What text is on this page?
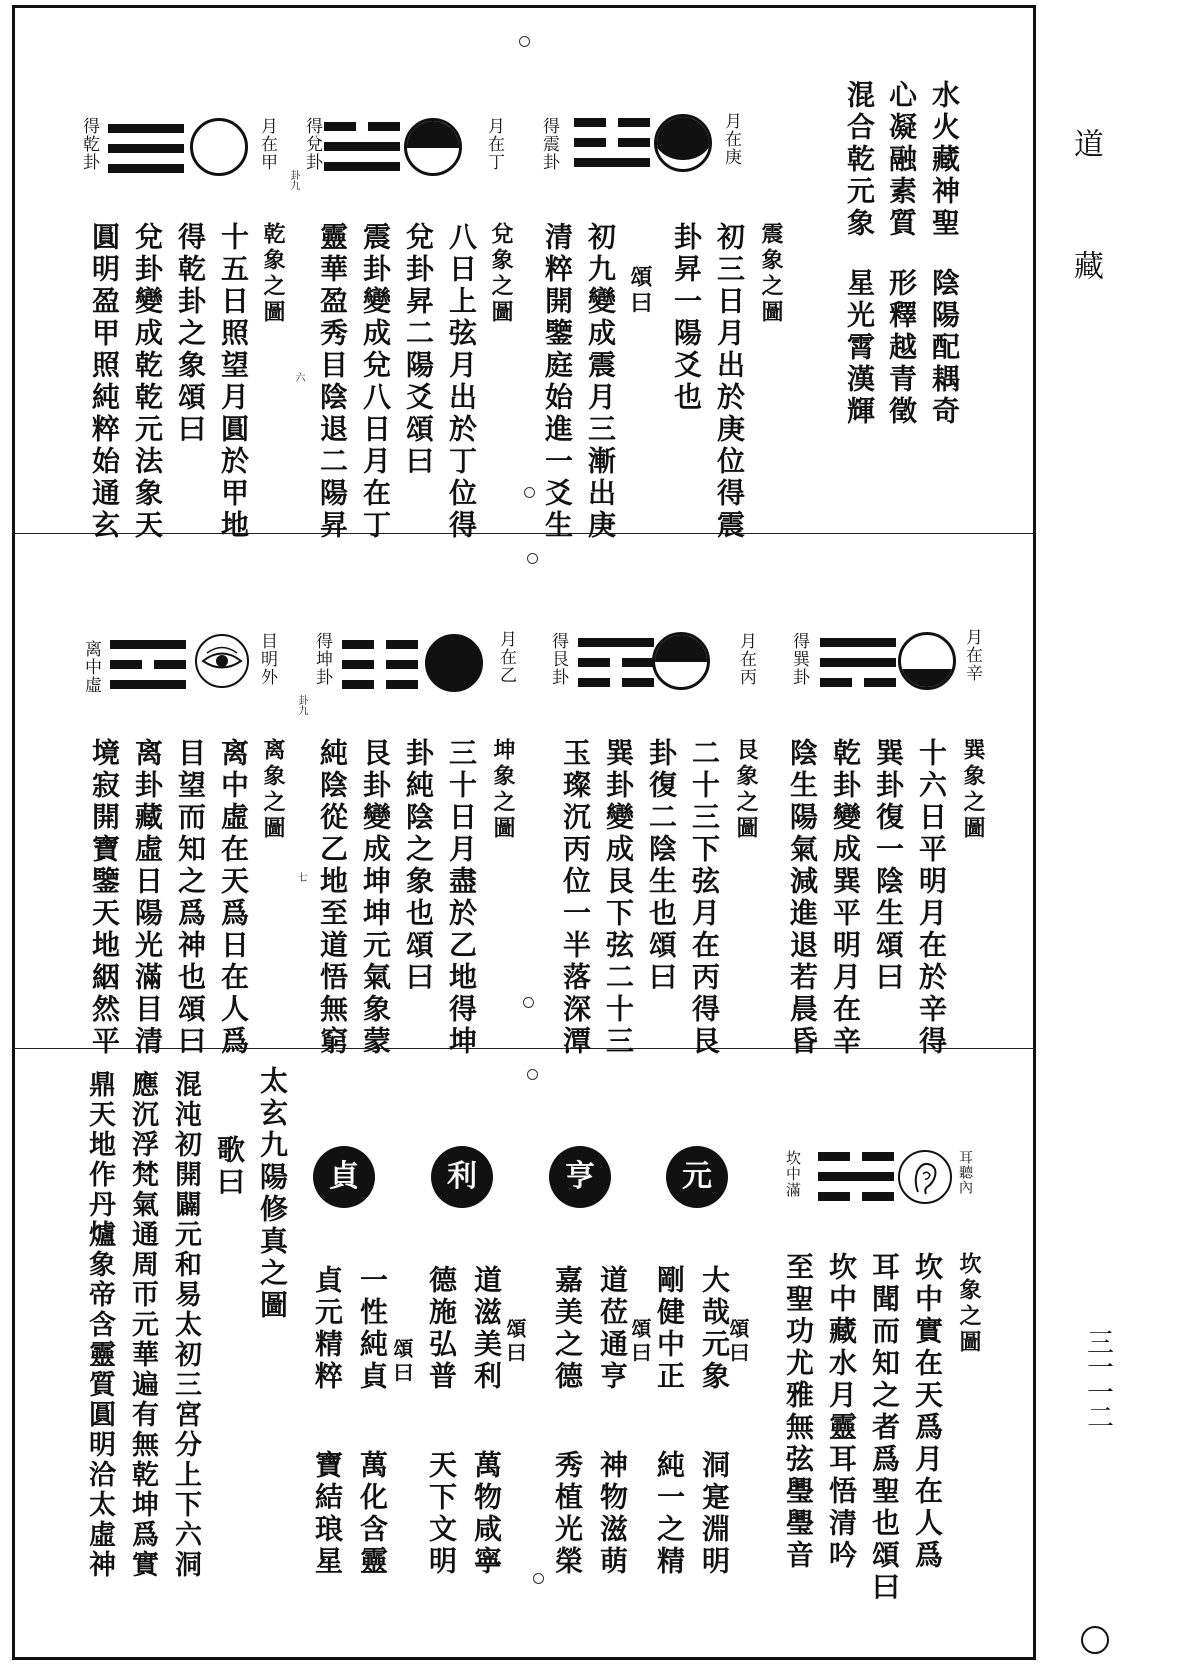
道
藏
三一一二
水火藏神聖
心凝融素質
混合乾元象
陰陽配耦奇
形釋越青徵
星光霄漢輝
月在庚
得震卦
震象之圖
初三日月出於庚位得震
卦昇一陽爻也
頌曰
初九變成震月三漸出庚
清粹開鑒庭始進一爻生
月在丁
得兌卦
卦九
兌象之圖
八日上弦月出於丁位得
兌卦昇二陽爻頌曰
震卦變成兌八日月在丁
靈華盈秀目陰退二陽昇
六
月在甲
得乾卦
乾象之圖
十五日照望月圓於甲地
得乾卦之象頌曰
兌卦變成乾乾元法象天
圓明盈甲照純粹始通玄
月在辛
得巽卦
巽象之圖
十六日平明月在於辛得
巽卦復一陰生頌曰
乾卦變成巽平明月在辛
陰生陽氣減進退若晨昏
月在丙
得艮卦
艮象之圖
二十三下弦月在丙得艮
卦復二陰生也頌曰
巽卦變成艮下弦二十三
玉璨沉丙位一半落深潭
月在乙
得坤卦
卦九
坤象之圖
三十日月盡於乙地得坤
卦純陰之象也頌曰
艮卦變成坤坤元氣象蒙
純陰從乙地至道悟無窮
七
目明外
离中虛
离象之圖
离中虛在天爲日在人爲
目望而知之爲神也頌曰
离卦藏虛日陽光滿目清
境寂開寶鑒天地絪然平
耳聽內
坎中滿
坎象之圖
坎中實在天爲月在人爲
耳聞而知之者爲聖也頌曰
坎中藏水月靈耳悟清吟
至聖功尤雅無弦璺璺音
元
頌曰
大哉元象
剛健中正
洞寔淵明
純一之精
亨
頌曰
道莅通亨
嘉美之德
神物滋萌
秀植光榮
利
頌曰
道滋美利
德施弘普
萬物咸寧
天下文明
貞
頌曰
一性純貞
貞元精粹
萬化含靈
寶結琅星
太玄九陽修真之圖
歌曰
混沌初開闢元和易太初三宮分上下六洞
應沉浮梵氣通周帀元華遍有無乾坤爲實
鼎天地作丹爐象帝含靈質圓明洽太虛神
